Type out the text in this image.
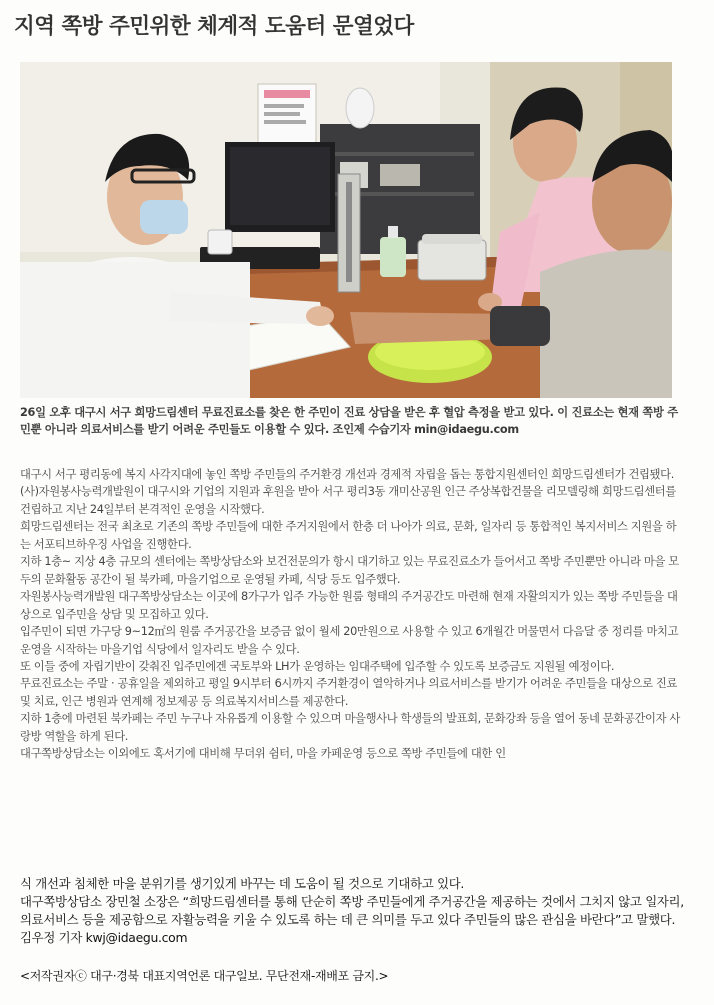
지역 쪽방 주민위한 체계적 도움터 문열었다
26일 오후 대구시 서구 희망드림센터 무료진료소를 찾은 한 주민이 진료 상담을 받은 후 혈압 측정을 받고 있다. 이 진료소는 현재 쪽방 주민뿐 아니라 의료서비스를 받기 어려운 주민들도 이용할 수 있다. 조인제 수습기자 min@idaegu.com

대구시 서구 평리동에 복지 사각지대에 놓인 쪽방 주민들의 주거환경 개선과 경제적 자립을 돕는 통합지원센터인 희망드림센터가 건립됐다.

(사)자원봉사능력개발원이 대구시와 기업의 지원과 후원을 받아 서구 평리3동 개미산공원 인근 주상복합건물을 리모델링해 희망드림센터를 건립하고 지난 24일부터 본격적인 운영을 시작했다.

희망드림센터는 전국 최초로 기존의 쪽방 주민들에 대한 주거지원에서 한층 더 나아가 의료, 문화, 일자리 등 통합적인 복지서비스 지원을 하는 서포티브하우징 사업을 진행한다.

지하 1층~ 지상 4층 규모의 센터에는 쪽방상담소와 보건전문의가 항시 대기하고 있는 무료진료소가 들어서고 쪽방 주민뿐만 아니라 마을 모두의 문화활동 공간이 될 북카페, 마을기업으로 운영될 카페, 식당 등도 입주했다.

자원봉사능력개발원 대구쪽방상담소는 이곳에 8가구가 입주 가능한 원룸 형태의 주거공간도 마련해 현재 자활의지가 있는 쪽방 주민들을 대상으로 입주민을 상담 및 모집하고 있다.

입주민이 되면 가구당 9~12㎡의 원룸 주거공간을 보증금 없이 월세 20만원으로 사용할 수 있고 6개월간 머물면서 다음달 중 정리를 마치고 운영을 시작하는 마을기업 식당에서 일자리도 받을 수 있다.

또 이들 중에 자립기반이 갖춰진 입주민에겐 국토부와 LH가 운영하는 임대주택에 입주할 수 있도록 보증금도 지원될 예정이다.

무료진료소는 주말 · 공휴일을 제외하고 평일 9시부터 6시까지 주거환경이 열악하거나 의료서비스를 받기가 어려운 주민들을 대상으로 진료 및 치료, 인근 병원과 연계해 정보제공 등 의료복지서비스를 제공한다.

지하 1층에 마련된 북카페는 주민 누구나 자유롭게 이용할 수 있으며 마을행사나 학생들의 발표회, 문화강좌 등을 열어 동네 문화공간이자 사랑방 역할을 하게 된다.

대구쪽방상담소는 이외에도 혹서기에 대비해 무더위 쉼터, 마을 카페운영 등으로 쪽방 주민들에 대한 인

식 개선과 침체한 마을 분위기를 생기있게 바꾸는 데 도움이 될 것으로 기대하고 있다.

대구쪽방상담소 장민철 소장은 “희망드림센터를 통해 단순히 쪽방 주민들에게 주거공간을 제공하는 것에서 그치지 않고 일자리, 의료서비스 등을 제공함으로 자활능력을 키울 수 있도록 하는 데 큰 의미를 두고 있다 주민들의 많은 관심을 바란다”고 말했다. 김우정 기자 kwj@idaegu.com

<저작권자ⓒ 대구·경북 대표지역언론 대구일보. 무단전재-재배포 금지.>
